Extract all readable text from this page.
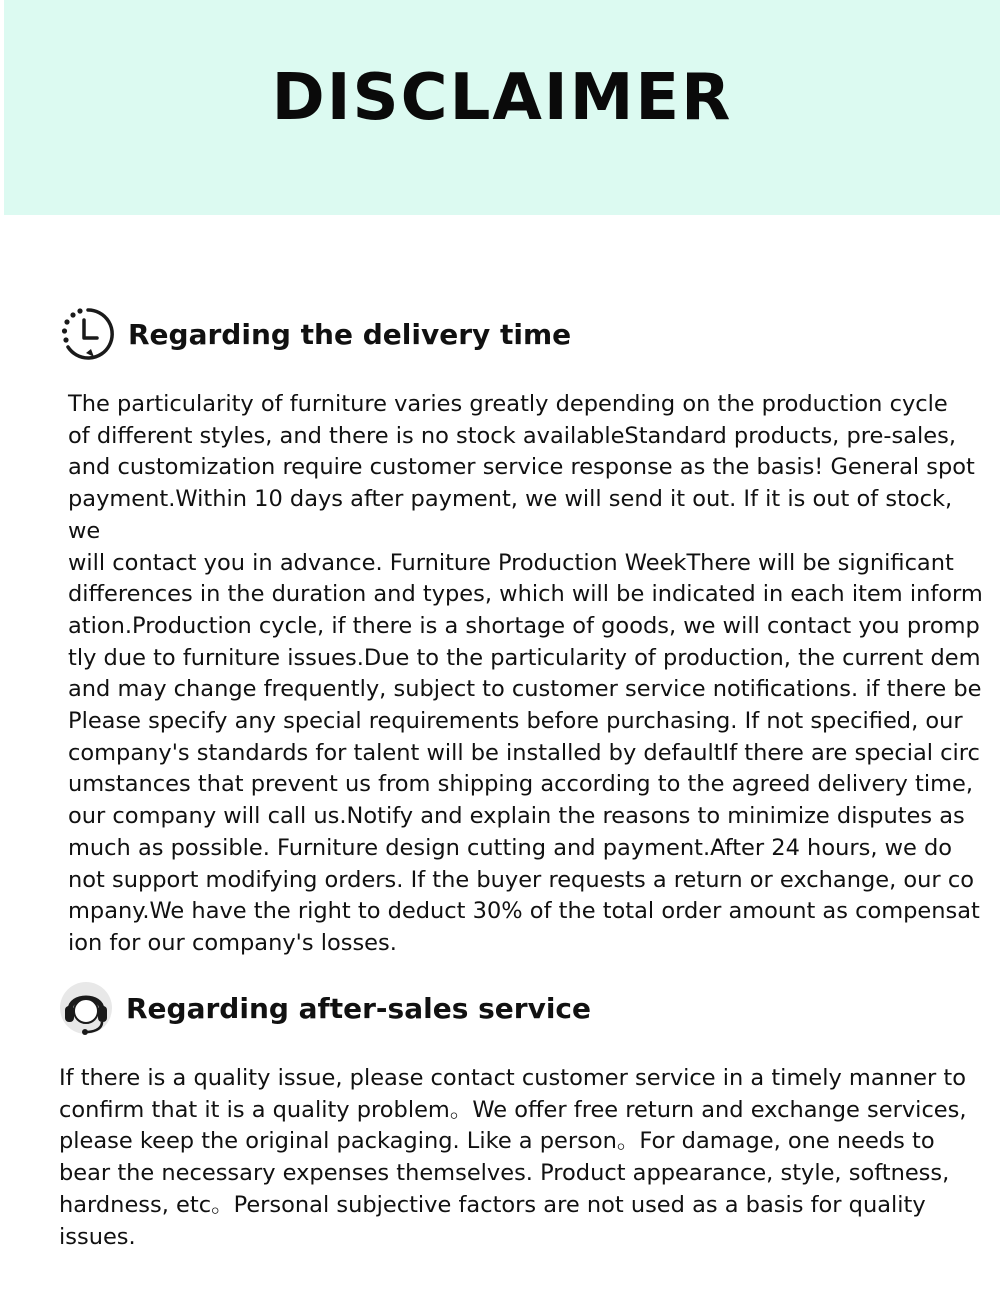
DISCLAIMER
Regarding the delivery time

The particularity of furniture varies greatly depending on the production cycle
of different styles, and there is no stock availableStandard products, pre-sales,
and customization require customer service response as the basis! General spot
payment.Within 10 days after payment, we will send it out. If it is out of stock, we
will contact you in advance. Furniture Production WeekThere will be significant
differences in the duration and types, which will be indicated in each item inform
ation.Production cycle, if there is a shortage of goods, we will contact you promp
tly due to furniture issues.Due to the particularity of production, the current dem
and may change frequently, subject to customer service notifications. if there be
Please specify any special requirements before purchasing. If not specified, our
company's standards for talent will be installed by defaultIf there are special circ
umstances that prevent us from shipping according to the agreed delivery time,
our company will call us.Notify and explain the reasons to minimize disputes as
much as possible. Furniture design cutting and payment.After 24 hours, we do
not support modifying orders. If the buyer requests a return or exchange, our co
mpany.We have the right to deduct 30% of the total order amount as compensat
ion for our company's losses.

Regarding after-sales service

If there is a quality issue, please contact customer service in a timely manner to
confirm that it is a quality problem。We offer free return and exchange services,
please keep the original packaging. Like a person。For damage, one needs to
bear the necessary expenses themselves. Product appearance, style, softness,
hardness, etc。Personal subjective factors are not used as a basis for quality
issues.
